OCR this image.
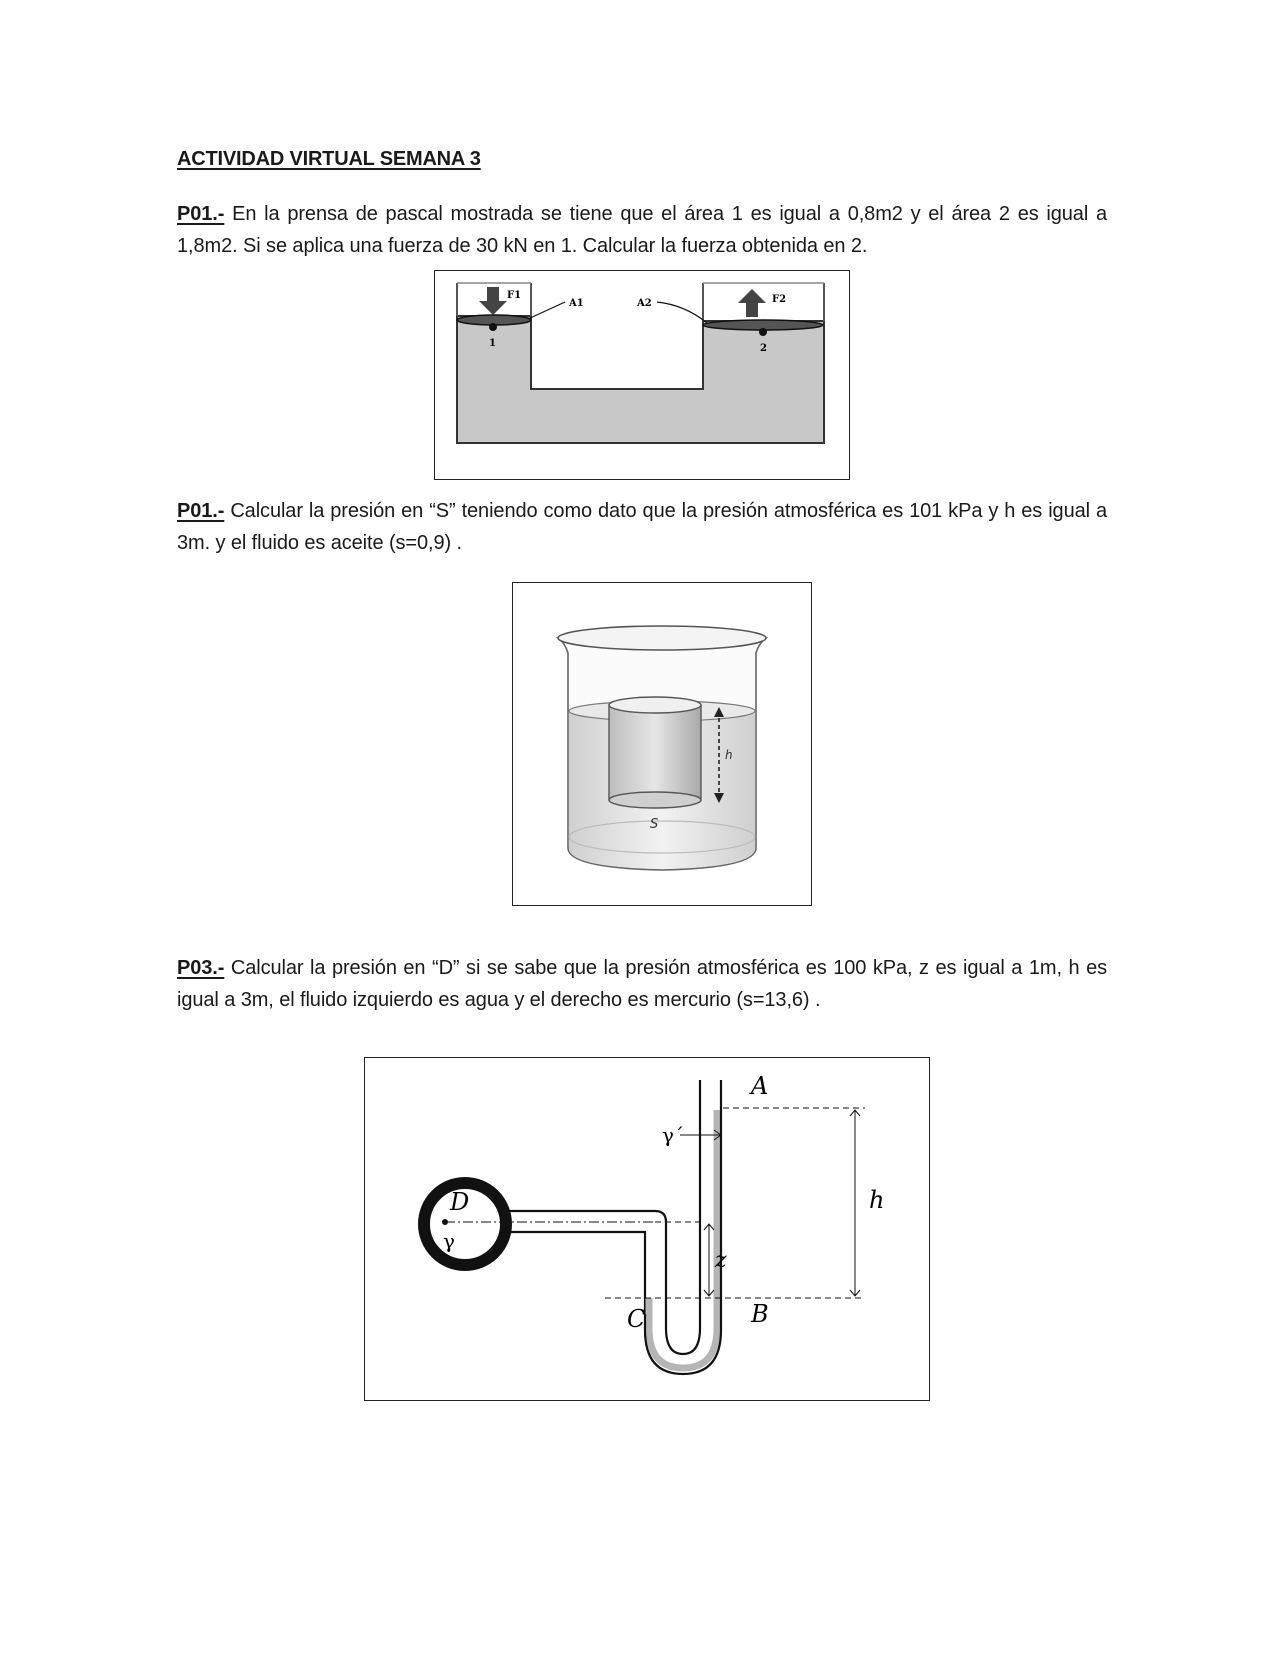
ACTIVIDAD VIRTUAL SEMANA 3
P01.- En la prensa de pascal mostrada se tiene que el área 1 es igual a 0,8m2 y el área 2 es igual a 1,8m2. Si se aplica una fuerza de 30 kN en 1. Calcular la fuerza obtenida en 2.
F1	F2
A1	A2
1	2
P01.- Calcular la presión en “S” teniendo como dato que la presión atmosférica es 101 kPa y h es igual a 3m. y el fluido es aceite (s=0,9) .
h
S
P03.- Calcular la presión en “D” si se sabe que la presión atmosférica es 100 kPa, z es igual a 1m, h es igual a 3m, el fluido izquierdo es agua y el derecho es mercurio (s=13,6) .
D
γ
γ´
A
h
z
C	B
